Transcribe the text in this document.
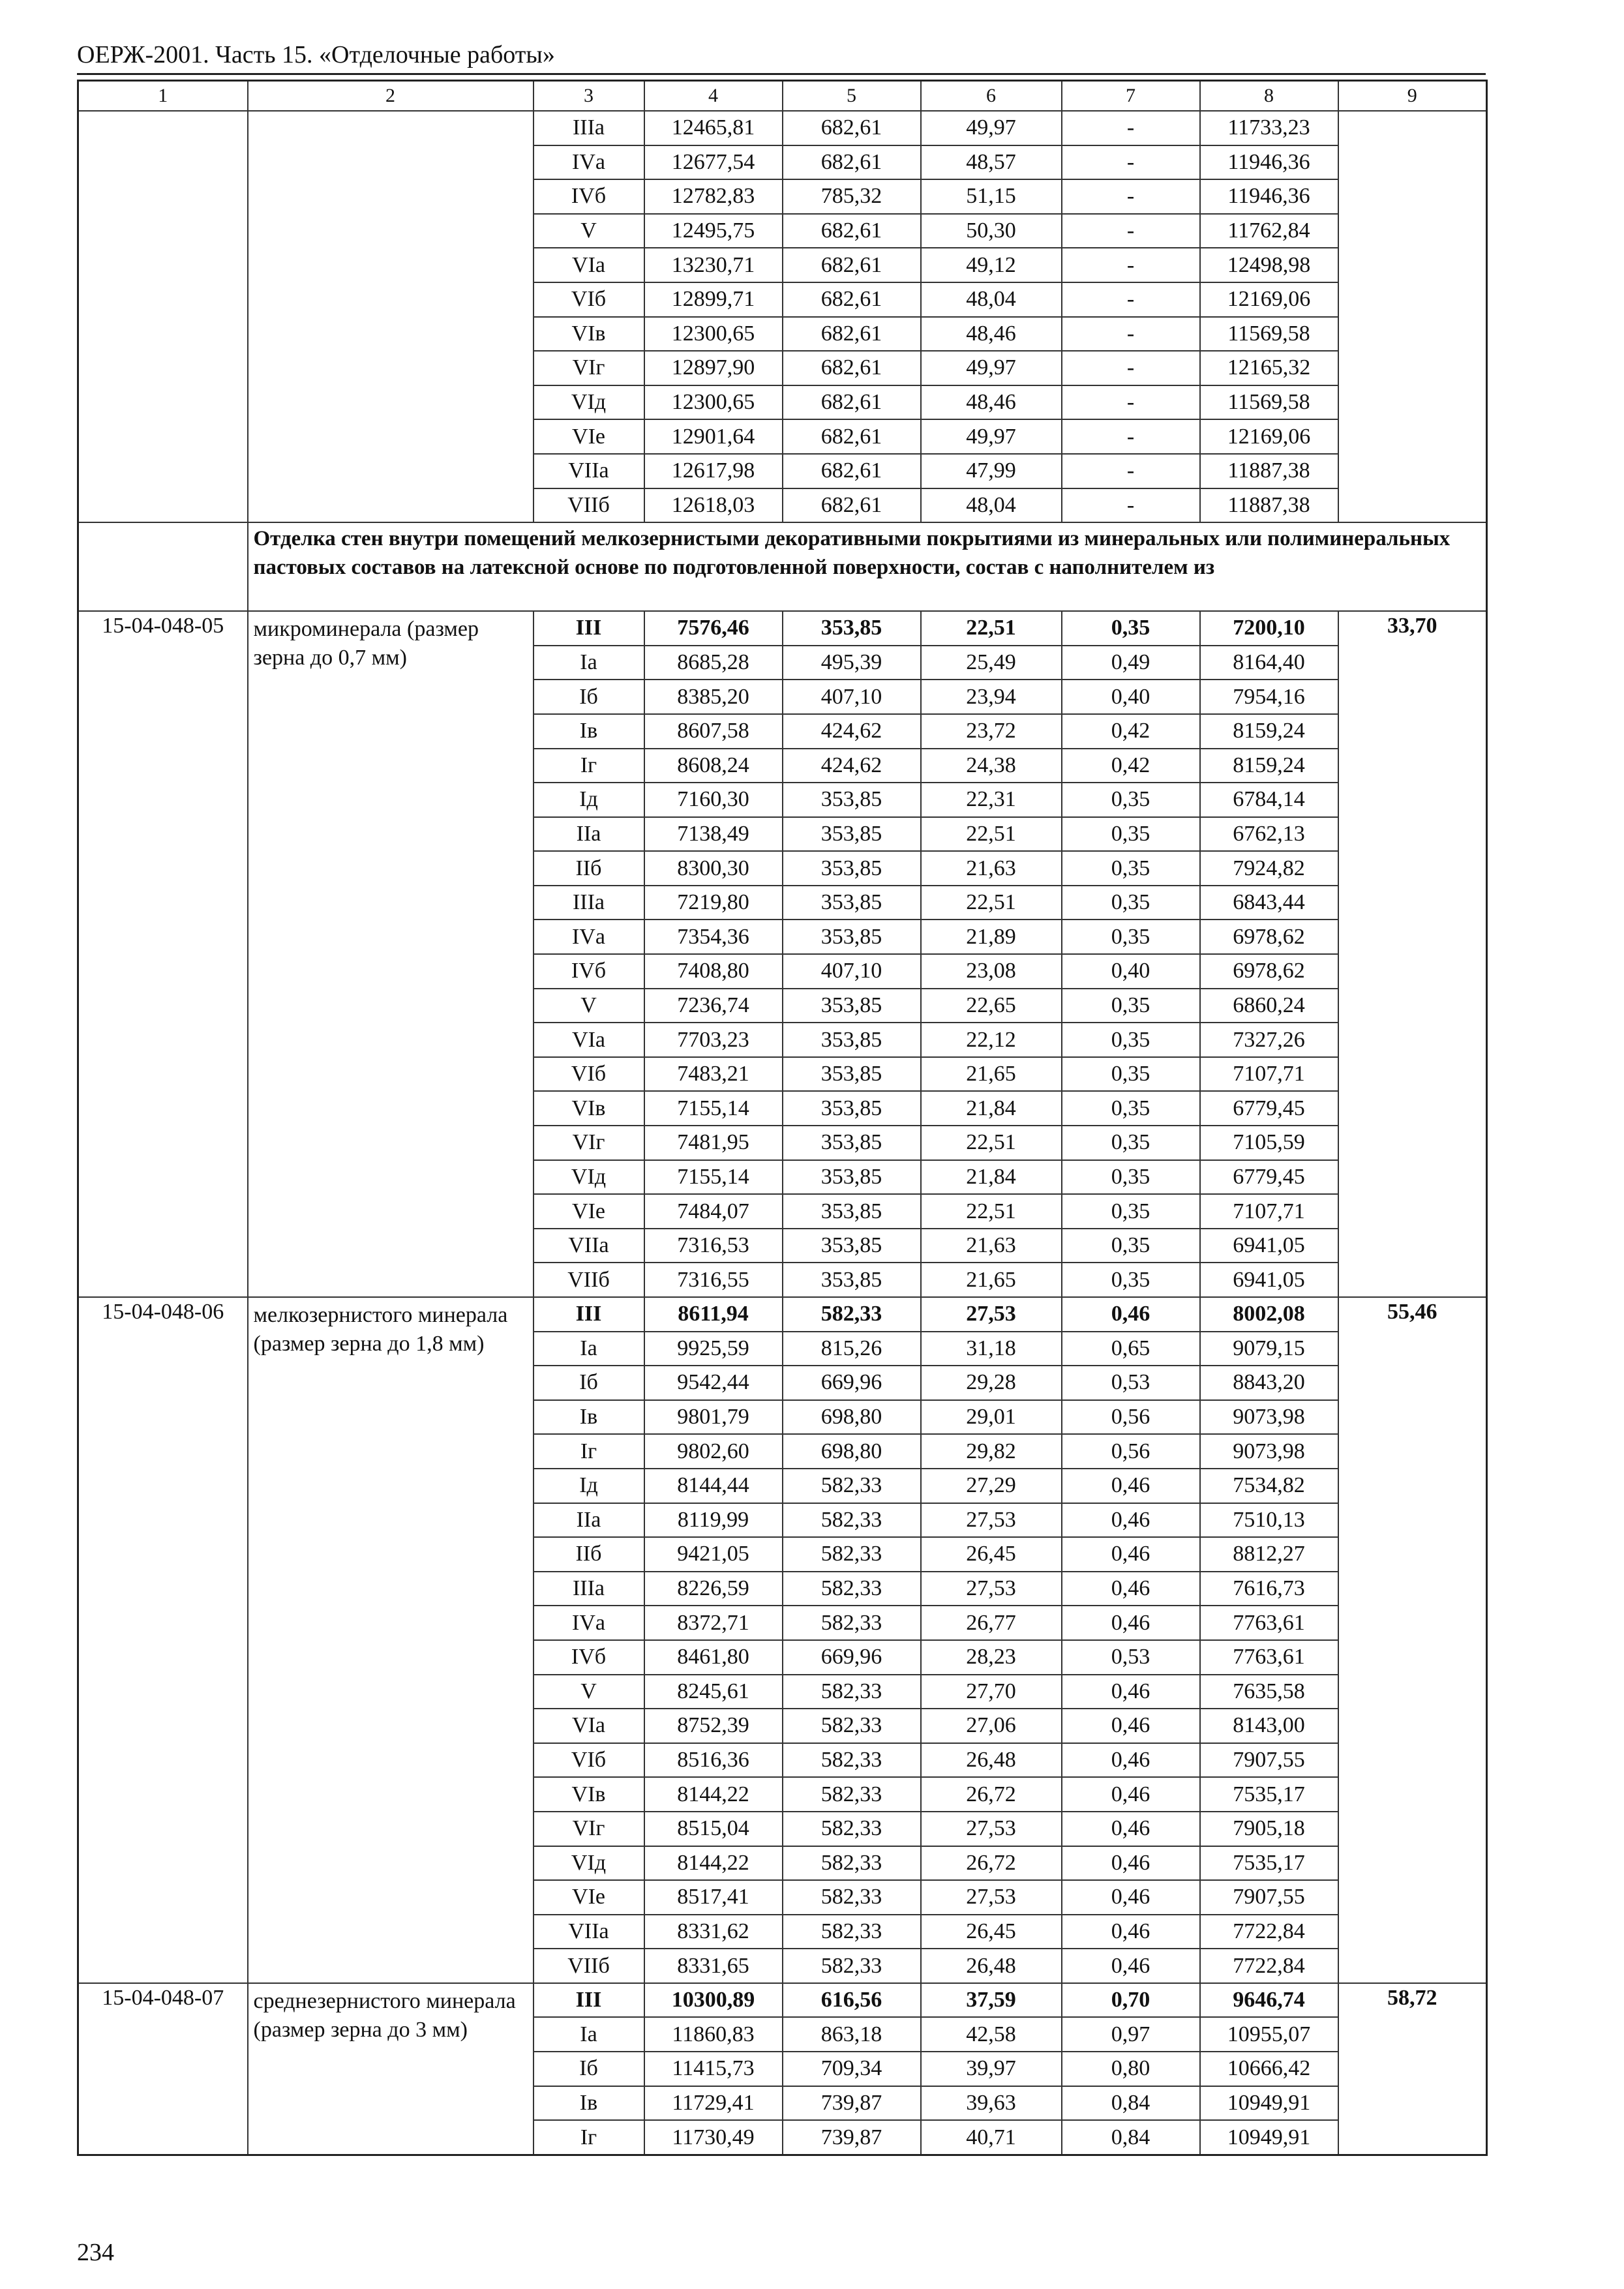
ОЕРЖ-2001. Часть 15. «Отделочные работы»
1	2	3	4	5	6	7	8	9
		IIIа	12465,81	682,61	49,97	-	11733,23	
		IVа	12677,54	682,61	48,57	-	11946,36	
		IVб	12782,83	785,32	51,15	-	11946,36	
		V	12495,75	682,61	50,30	-	11762,84	
		VIа	13230,71	682,61	49,12	-	12498,98	
		VIб	12899,71	682,61	48,04	-	12169,06	
		VIв	12300,65	682,61	48,46	-	11569,58	
		VIг	12897,90	682,61	49,97	-	12165,32	
		VIд	12300,65	682,61	48,46	-	11569,58	
		VIе	12901,64	682,61	49,97	-	12169,06	
		VIIа	12617,98	682,61	47,99	-	11887,38	
		VIIб	12618,03	682,61	48,04	-	11887,38	
	Отделка стен внутри помещений мелкозернистыми декоративными покрытиями из минеральных или полиминеральных пастовых составов на латексной основе по подготовленной поверхности, состав с наполнителем из							
15-04-048-05	микроминерала (размер зерна до 0,7 мм)	III	7576,46	353,85	22,51	0,35	7200,10	33,70
		Iа	8685,28	495,39	25,49	0,49	8164,40	
		Iб	8385,20	407,10	23,94	0,40	7954,16	
		Iв	8607,58	424,62	23,72	0,42	8159,24	
		Iг	8608,24	424,62	24,38	0,42	8159,24	
		Iд	7160,30	353,85	22,31	0,35	6784,14	
		IIа	7138,49	353,85	22,51	0,35	6762,13	
		IIб	8300,30	353,85	21,63	0,35	7924,82	
		IIIа	7219,80	353,85	22,51	0,35	6843,44	
		IVа	7354,36	353,85	21,89	0,35	6978,62	
		IVб	7408,80	407,10	23,08	0,40	6978,62	
		V	7236,74	353,85	22,65	0,35	6860,24	
		VIа	7703,23	353,85	22,12	0,35	7327,26	
		VIб	7483,21	353,85	21,65	0,35	7107,71	
		VIв	7155,14	353,85	21,84	0,35	6779,45	
		VIг	7481,95	353,85	22,51	0,35	7105,59	
		VIд	7155,14	353,85	21,84	0,35	6779,45	
		VIе	7484,07	353,85	22,51	0,35	7107,71	
		VIIа	7316,53	353,85	21,63	0,35	6941,05	
		VIIб	7316,55	353,85	21,65	0,35	6941,05	
15-04-048-06	мелкозернистого минерала (размер зерна до 1,8 мм)	III	8611,94	582,33	27,53	0,46	8002,08	55,46
		Iа	9925,59	815,26	31,18	0,65	9079,15	
		Iб	9542,44	669,96	29,28	0,53	8843,20	
		Iв	9801,79	698,80	29,01	0,56	9073,98	
		Iг	9802,60	698,80	29,82	0,56	9073,98	
		Iд	8144,44	582,33	27,29	0,46	7534,82	
		IIа	8119,99	582,33	27,53	0,46	7510,13	
		IIб	9421,05	582,33	26,45	0,46	8812,27	
		IIIа	8226,59	582,33	27,53	0,46	7616,73	
		IVа	8372,71	582,33	26,77	0,46	7763,61	
		IVб	8461,80	669,96	28,23	0,53	7763,61	
		V	8245,61	582,33	27,70	0,46	7635,58	
		VIа	8752,39	582,33	27,06	0,46	8143,00	
		VIб	8516,36	582,33	26,48	0,46	7907,55	
		VIв	8144,22	582,33	26,72	0,46	7535,17	
		VIг	8515,04	582,33	27,53	0,46	7905,18	
		VIд	8144,22	582,33	26,72	0,46	7535,17	
		VIе	8517,41	582,33	27,53	0,46	7907,55	
		VIIа	8331,62	582,33	26,45	0,46	7722,84	
		VIIб	8331,65	582,33	26,48	0,46	7722,84	
15-04-048-07	среднезернистого минерала (размер зерна до 3 мм)	III	10300,89	616,56	37,59	0,70	9646,74	58,72
		Iа	11860,83	863,18	42,58	0,97	10955,07	
		Iб	11415,73	709,34	39,97	0,80	10666,42	
		Iв	11729,41	739,87	39,63	0,84	10949,91	
		Iг	11730,49	739,87	40,71	0,84	10949,91	
234
